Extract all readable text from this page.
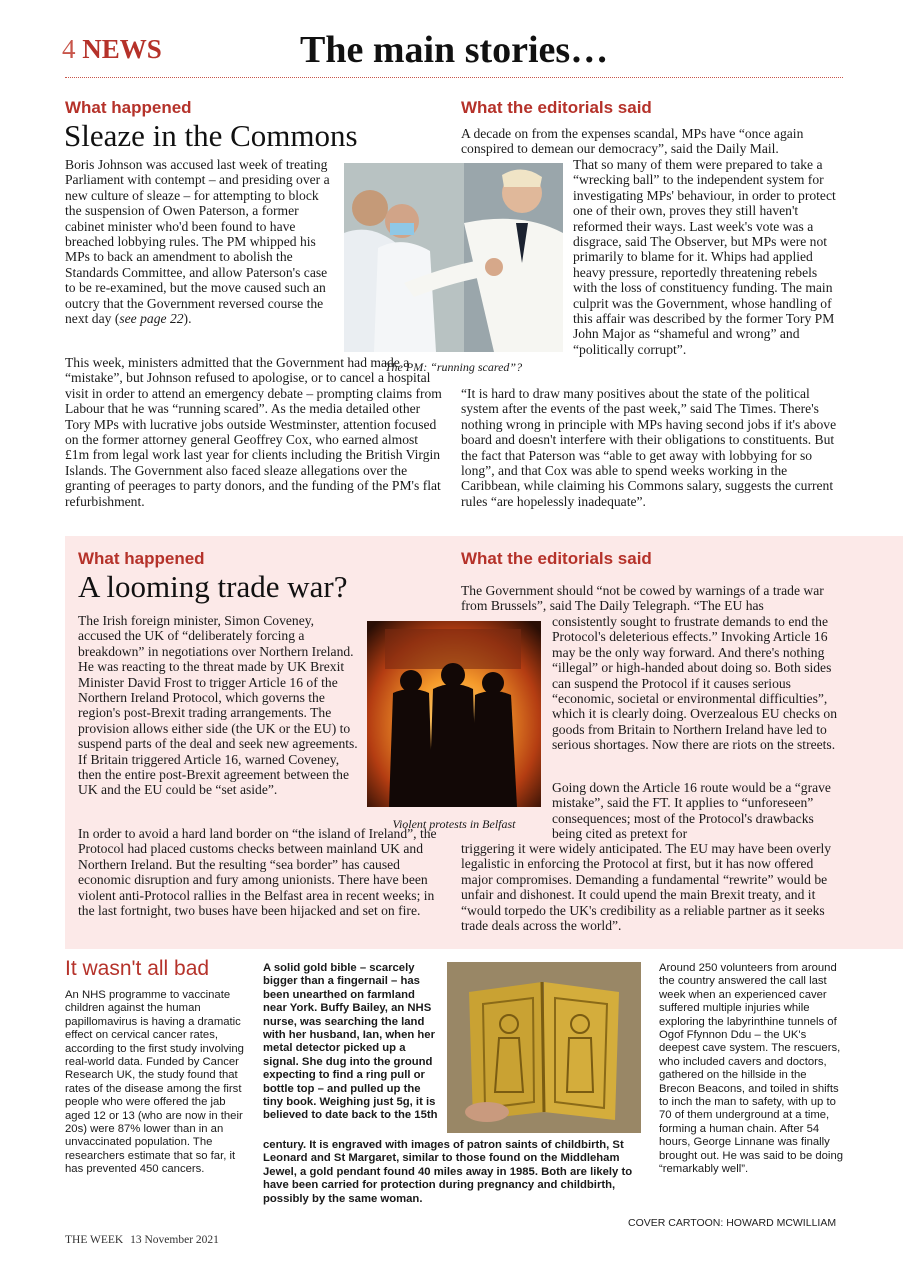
4 NEWS	The main stories…
What happened
Sleaze in the Commons

Boris Johnson was accused last week of treating Parliament with contempt – and presiding over a new culture of sleaze – for attempting to block the suspension of Owen Paterson, a former cabinet minister who'd been found to have breached lobbying rules. The PM whipped his MPs to back an amendment to abolish the Standards Committee, and allow Paterson's case to be re-examined, but the move caused such an outcry that the Government reversed course the next day (see page 22).

This week, ministers admitted that the Government had made a “mistake”, but Johnson refused to apologise, or to cancel a hospital visit in order to attend an emergency debate – prompting claims from Labour that he was “running scared”. As the media detailed other Tory MPs with lucrative jobs outside Westminster, attention focused on the former attorney general Geoffrey Cox, who earned almost £1m from legal work last year for clients including the British Virgin Islands. The Government also faced sleaze allegations over the granting of peerages to party donors, and the funding of the PM's flat refurbishment.

The PM: “running scared”?
What the editorials said

A decade on from the expenses scandal, MPs have “once again conspired to demean our democracy”, said the Daily Mail.

That so many of them were prepared to take a “wrecking ball” to the independent system for investigating MPs' behaviour, in order to protect one of their own, proves they still haven't reformed their ways. Last week's vote was a disgrace, said The Observer, but MPs were not primarily to blame for it. Whips had applied heavy pressure, reportedly threatening rebels with the loss of constituency funding. The main culprit was the Government, whose handling of this affair was described by the former Tory PM John Major as “shameful and wrong” and “politically corrupt”.

“It is hard to draw many positives about the state of the political system after the events of the past week,” said The Times. There's nothing wrong in principle with MPs having second jobs if it's above board and doesn't interfere with their obligations to constituents. But the fact that Paterson was “able to get away with lobbying for so long”, and that Cox was able to spend weeks working in the Caribbean, while claiming his Commons salary, suggests the current rules “are hopelessly inadequate”.

What happened
A looming trade war?

The Irish foreign minister, Simon Coveney, accused the UK of “deliberately forcing a breakdown” in negotiations over Northern Ireland. He was reacting to the threat made by UK Brexit Minister David Frost to trigger Article 16 of the Northern Ireland Protocol, which governs the region's post-Brexit trading arrangements. The provision allows either side (the UK or the EU) to suspend parts of the deal and seek new agreements. If Britain triggered Article 16, warned Coveney, then the entire post-Brexit agreement between the UK and the EU could be “set aside”.

In order to avoid a hard land border on “the island of Ireland”, the Protocol had placed customs checks between mainland UK and Northern Ireland. But the resulting “sea border” has caused economic disruption and fury among unionists. There have been violent anti-Protocol rallies in the Belfast area in recent weeks; in the last fortnight, two buses have been hijacked and set on fire.

Violent protests in Belfast
What the editorials said

The Government should “not be cowed by warnings of a trade war from Brussels”, said The Daily Telegraph. “The EU has

consistently sought to frustrate demands to end the Protocol's deleterious effects.” Invoking Article 16 may be the only way forward. And there's nothing “illegal” or high-handed about doing so. Both sides can suspend the Protocol if it causes serious “economic, societal or environmental difficulties”, which it is clearly doing. Overzealous EU checks on goods from Britain to Northern Ireland have led to serious shortages. Now there are riots on the streets.

Going down the Article 16 route would be a “grave mistake”, said the FT. It applies to “unforeseen” consequences; most of the Protocol's drawbacks being cited as pretext for

triggering it were widely anticipated. The EU may have been overly legalistic in enforcing the Protocol at first, but it has now offered major compromises. Demanding a fundamental “rewrite” would be unfair and dishonest. It could upend the main Brexit treaty, and it “would torpedo the UK's credibility as a reliable partner as it seeks trade deals across the world”.

It wasn't all bad

An NHS programme to vaccinate children against the human papillomavirus is having a dramatic effect on cervical cancer rates, according to the first study involving real-world data. Funded by Cancer Research UK, the study found that rates of the disease among the first people who were offered the jab aged 12 or 13 (who are now in their 20s) were 87% lower than in an unvaccinated population. The researchers estimate that so far, it has prevented 450 cancers.

A solid gold bible – scarcely bigger than a fingernail – has been unearthed on farmland near York. Buffy Bailey, an NHS nurse, was searching the land with her husband, Ian, when her metal detector picked up a signal. She dug into the ground expecting to find a ring pull or bottle top – and pulled up the tiny book. Weighing just 5g, it is believed to date back to the 15th

century. It is engraved with images of patron saints of childbirth, St Leonard and St Margaret, similar to those found on the Middleham Jewel, a gold pendant found 40 miles away in 1985. Both are likely to have been carried for protection during pregnancy and childbirth, possibly by the same woman.

Around 250 volunteers from around the country answered the call last week when an experienced caver suffered multiple injuries while exploring the labyrinthine tunnels of Ogof Ffynnon Ddu – the UK's deepest cave system. The rescuers, who included cavers and doctors, gathered on the hillside in the Brecon Beacons, and toiled in shifts to inch the man to safety, with up to 70 of them underground at a time, forming a human chain. After 54 hours, George Linnane was finally brought out. He was said to be doing “remarkably well”.

COVER CARTOON: HOWARD MCWILLIAM
THE WEEK 13 November 2021
